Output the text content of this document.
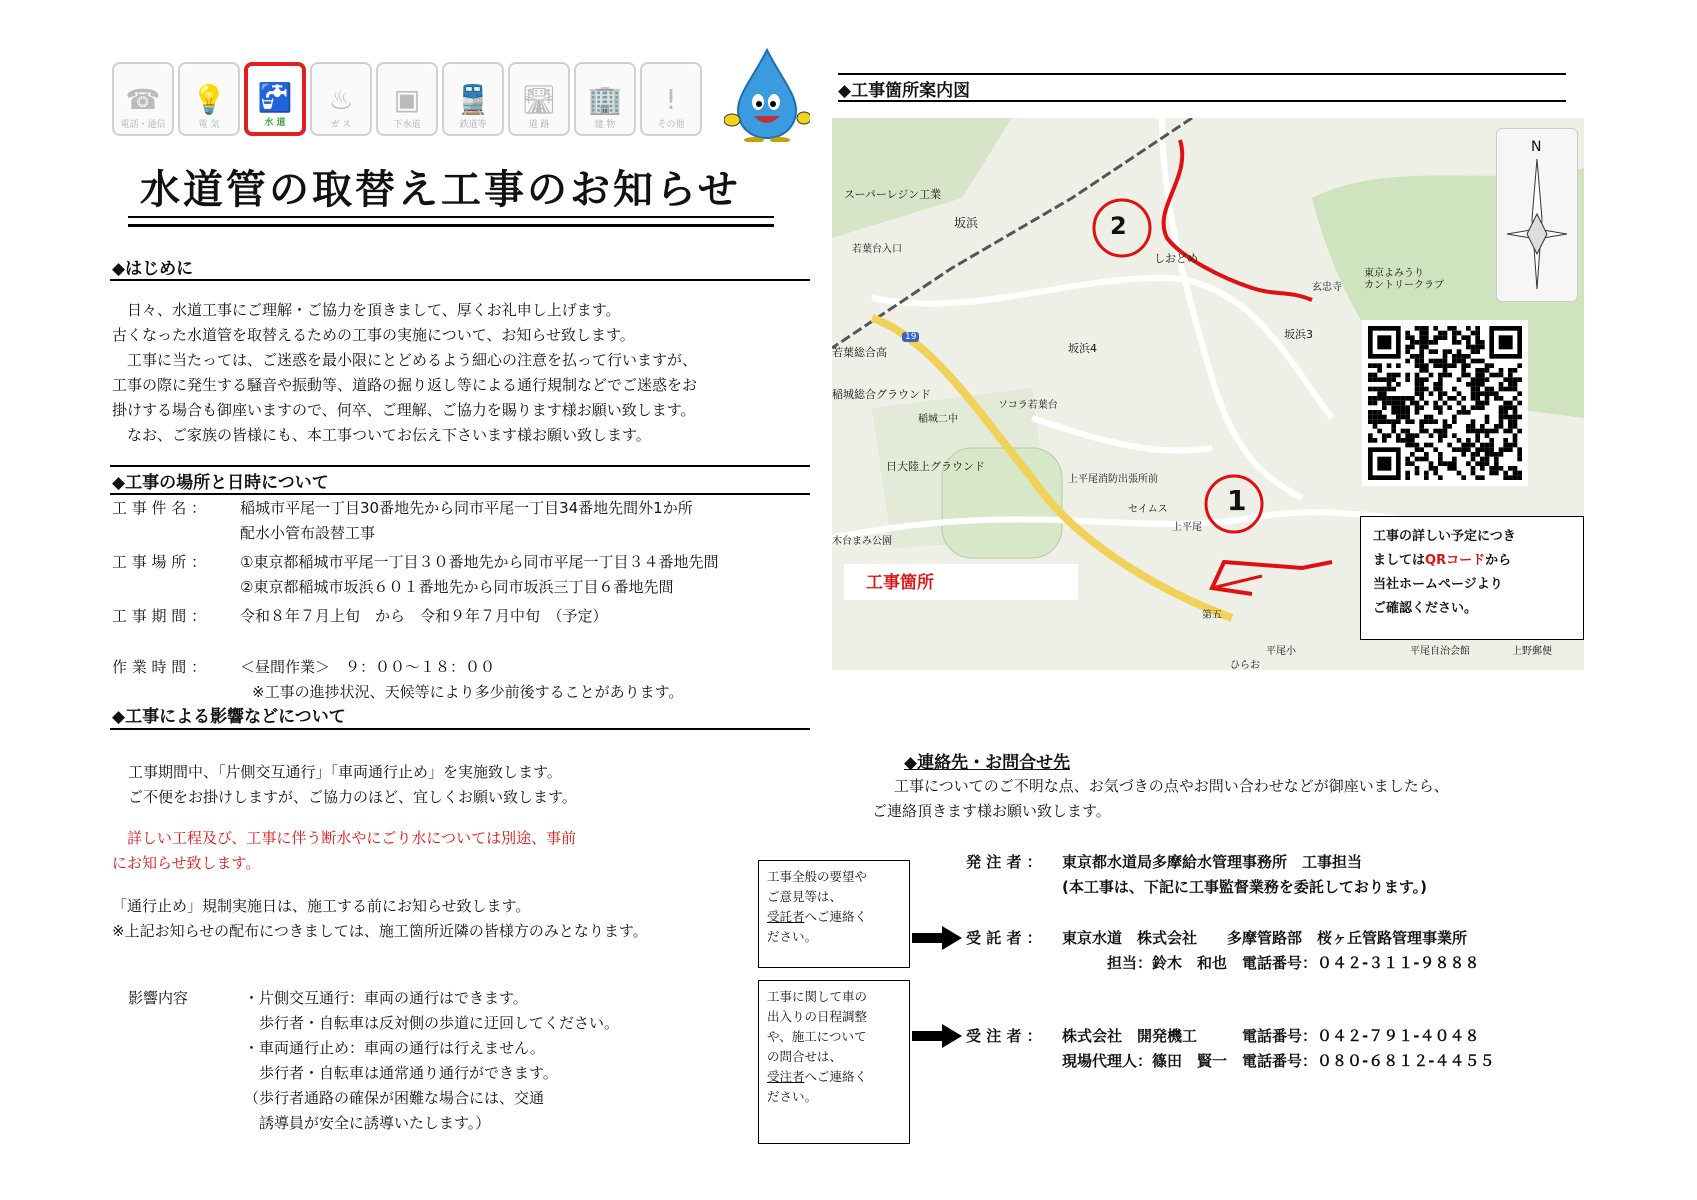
☎
電話・通信
💡
電 気
🚰
水 道
♨
ガ ス
▣
下水道
🚆
鉄道等
🛣
道 路
🏢
建 物
!
その他
水道管の取替え工事のお知らせ
◆はじめに
　日々、水道工事にご理解・ご協力を頂きまして、厚くお礼申し上げます。
古くなった水道管を取替えるための工事の実施について、お知らせ致します。
　工事に当たっては、ご迷惑を最小限にとどめるよう細心の注意を払って行いますが、
工事の際に発生する騒音や振動等、道路の掘り返し等による通行規制などでご迷惑をお
掛けする場合も御座いますので、何卒、ご理解、ご協力を賜ります様お願い致します。
　なお、ご家族の皆様にも、本工事ついてお伝え下さいます様お願い致します。
◆工事の場所と日時について
工 事 件 名 ：	稲城市平尾一丁目30番地先から同市平尾一丁目34番地先間外1か所
配水小管布設替工事
工 事 場 所 ：	①東京都稲城市平尾一丁目３０番地先から同市平尾一丁目３４番地先間
②東京都稲城市坂浜６０１番地先から同市坂浜三丁目６番地先間
工 事 期 間 ：	令和８年７月上旬　から　令和９年７月中旬　（予定）
作 業 時 間 ：	＜昼間作業＞　９：００～１８：００
※工事の進捗状況、天候等により多少前後することがあります。
◆工事による影響などについて
工事期間中、「片側交互通行」「車両通行止め」を実施致します。
ご不便をお掛けしますが、ご協力のほど、宜しくお願い致します。
　詳しい工程及び、工事に伴う断水やにごり水については別途、事前
にお知らせ致します。
「通行止め」規制実施日は、施工する前にお知らせ致します。
※上記お知らせの配布につきましては、施工箇所近隣の皆様方のみとなります。
影響内容	・片側交互通行：車両の通行はできます。
　歩行者・自転車は反対側の歩道に迂回してください。
・車両通行止め：車両の通行は行えません。
　歩行者・自転車は通常通り通行ができます。
（歩行者通路の確保が困難な場合には、交通
　誘導員が安全に誘導いたします。）
◆工事箇所案内図
スーパーレジン工業
坂浜
若葉台入口
しおどめ
東京よみうり
カントリークラブ
玄忠寺
坂浜3
坂浜4
若葉総合高
稲城総合グラウンド
稲城二中
ソコラ若葉台
日大陸上グラウンド
上平尾消防出張所前
セイムス
上平尾
第五
平尾小	平尾自治会館	上野郵便
木台まみ公園
ひらお
19
2
1
N
工事箇所
工事の詳しい予定につき
ましてはQRコードから
当社ホームページより
ご確認ください。
◆連絡先・お問合せ先
工事についてのご不明な点、お気づきの点やお問い合わせなどが御座いましたら、
ご連絡頂きます様お願い致します。
工事全般の要望や
ご意見等は、
受託者へご連絡く
ださい。
工事に関して車の
出入りの日程調整
や、施工について
の問合せは、
受注者へご連絡く
ださい。
発 注 者 ：	東京都水道局多摩給水管理事務所　工事担当
(本工事は、下記に工事監督業務を委託しております。)
受 託 者 ：	東京水道　株式会社　　多摩管路部　桜ヶ丘管路管理事業所
　　　担当：鈴木　和也　電話番号：０４２-３１１-９８８８
受 注 者 ：	株式会社　開発機工　　　電話番号：０４２-７９１-４０４８
現場代理人：篠田　賢一　電話番号：０８０-６８１２-４４５５
